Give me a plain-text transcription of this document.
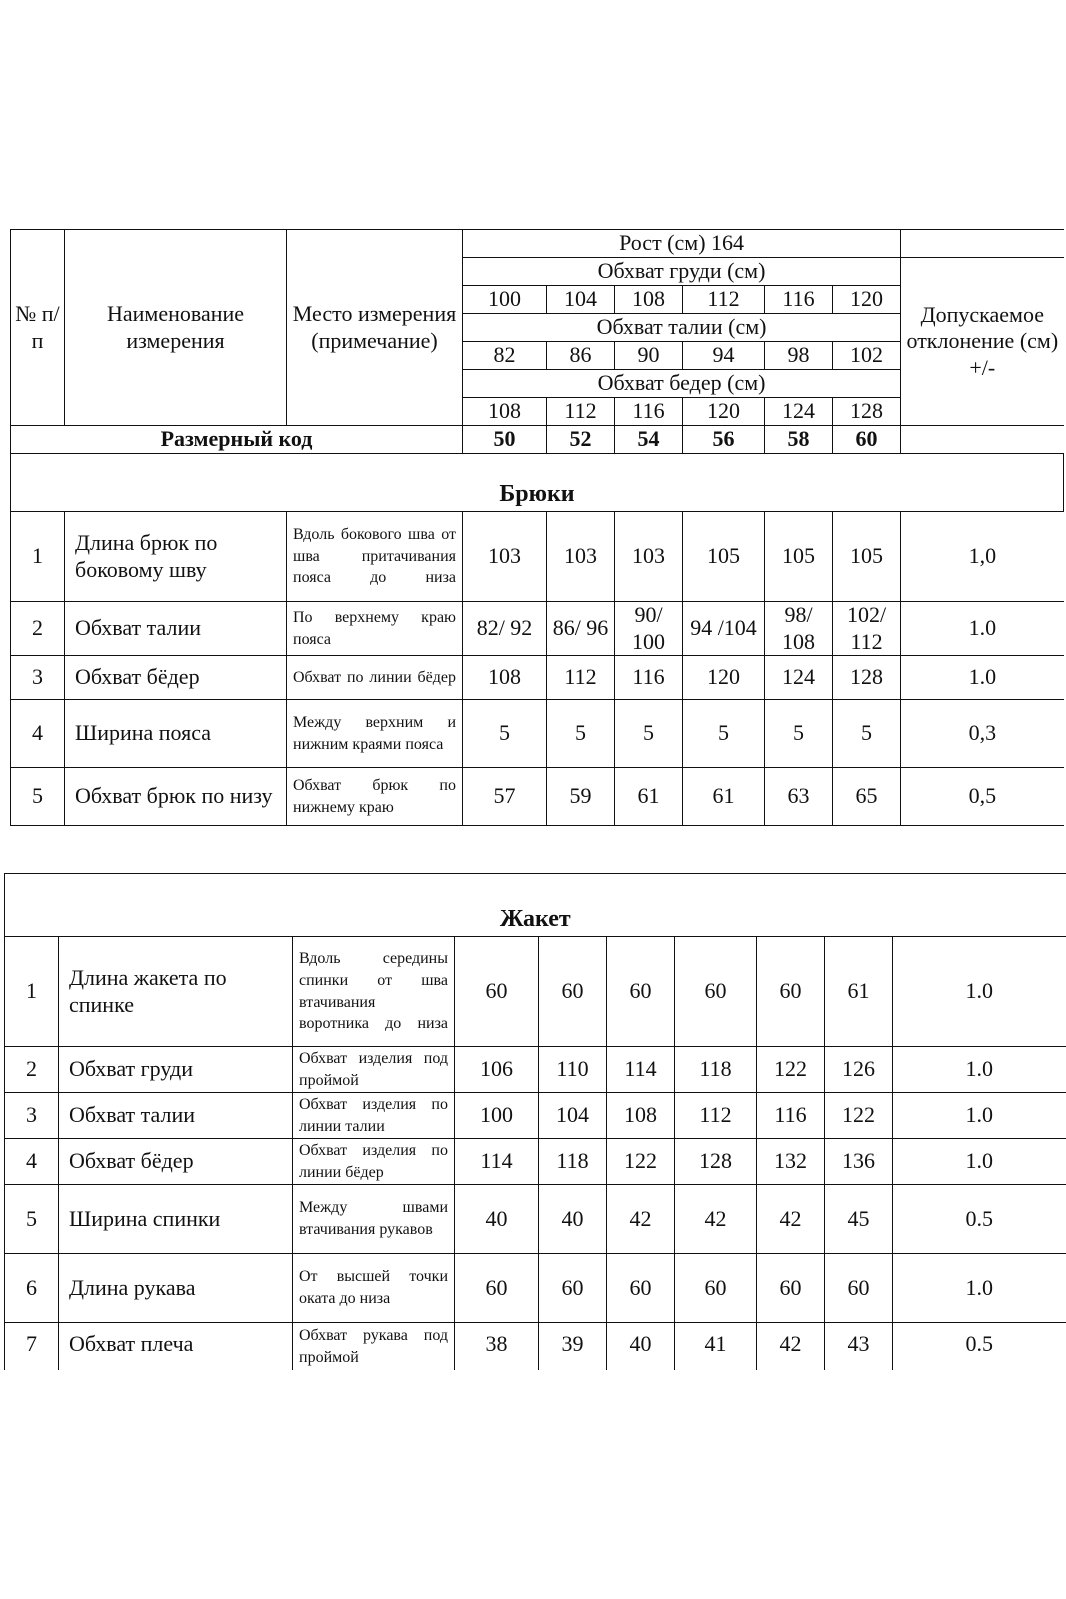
№ п/ п	Наименование измерения	Место измерения (примечание)	Рост (см) 164						
			Обхват груди (см)						Допускаемое отклонение (см) +/-
			100	104	108	112	116	120	
			Обхват талии (см)						
			82	86	90	94	98	102	
			Обхват бедер (см)						
			108	112	116	120	124	128	
Размерный код			50	52	54	56	58	60	
Брюки									
1	Длина брюк по боковому шву	Вдоль бокового шва от шва притачивания пояса до низа	103	103	103	105	105	105	1,0
2	Обхват талии	По верхнему краю пояса	82/ 92	86/ 96	90/ 100	94 /104	98/ 108	102/ 112	1.0
3	Обхват бёдер	Обхват по линии бёдер	108	112	116	120	124	128	1.0
4	Ширина пояса	Между верхним и нижним краями пояса	5	5	5	5	5	5	0,3
5	Обхват брюк по низу	Обхват брюк по нижнему краю	57	59	61	61	63	65	0,5
Жакет									
1	Длина жакета по спинке	Вдоль середины спинки от шва втачивания воротника до низа	60	60	60	60	60	61	1.0
2	Обхват груди	Обхват изделия под проймой	106	110	114	118	122	126	1.0
3	Обхват талии	Обхват изделия по линии талии	100	104	108	112	116	122	1.0
4	Обхват бёдер	Обхват изделия по линии бёдер	114	118	122	128	132	136	1.0
5	Ширина спинки	Между швами втачивания рукавов	40	40	42	42	42	45	0.5
6	Длина рукава	От высшей точки оката до низа	60	60	60	60	60	60	1.0
7	Обхват плеча	Обхват рукава под проймой	38	39	40	41	42	43	0.5
